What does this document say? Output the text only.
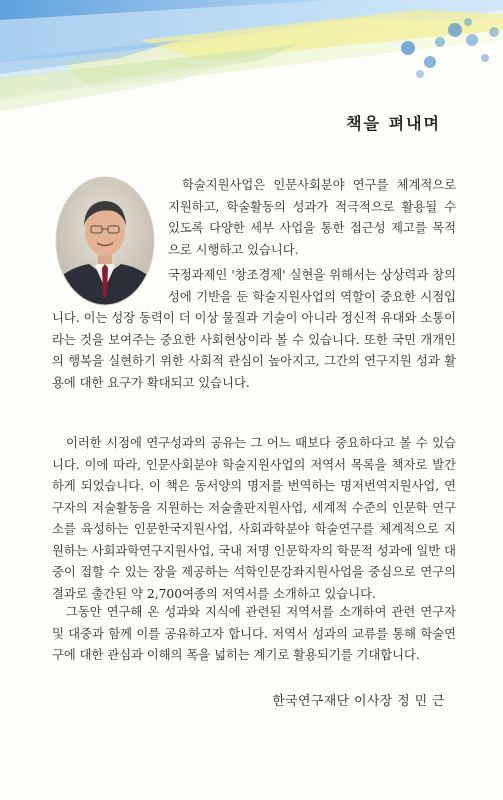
책을 펴내며

학술지원사업은 인문사회분야 연구를 체계적으로 지원하고, 학술활동의 성과가 적극적으로 활용될 수 있도록 다양한 세부 사업을 통한 접근성 제고를 목적으로 시행하고 있습니다.

국정과제인 '창조경제' 실현을 위해서는 상상력과 창의성에 기반을 둔 학술지원사업의 역할이 중요한 시점입니다. 이는 성장 동력이 더 이상 물질과 기술이 아니라 정신적 유대와 소통이라는 것을 보여주는 중요한 사회현상이라 볼 수 있습니다. 또한 국민 개개인의 행복을 실현하기 위한 사회적 관심이 높아지고, 그간의 연구지원 성과 활용에 대한 요구가 확대되고 있습니다.

이러한 시점에 연구성과의 공유는 그 어느 때보다 중요하다고 볼 수 있습니다. 이에 따라, 인문사회분야 학술지원사업의 저역서 목록을 책자로 발간하게 되었습니다. 이 책은 동서양의 명저를 번역하는 명저번역지원사업, 연구자의 저술활동을 지원하는 저술출판지원사업, 세계적 수준의 인문학 연구소를 육성하는 인문한국지원사업, 사회과학분야 학술연구를 체계적으로 지원하는 사회과학연구지원사업, 국내 저명 인문학자의 학문적 성과에 일반 대중이 접할 수 있는 장을 제공하는 석학인문강좌지원사업을 중심으로 연구의 결과로 출간된 약 2,700여종의 저역서를 소개하고 있습니다.

그동안 연구해 온 성과와 지식에 관련된 저역서를 소개하여 관련 연구자 및 대중과 함께 이를 공유하고자 합니다. 저역서 성과의 교류를 통해 학술연구에 대한 관심과 이해의 폭을 넓히는 계기로 활용되기를 기대합니다.

한국연구재단 이사장 정 민 근
